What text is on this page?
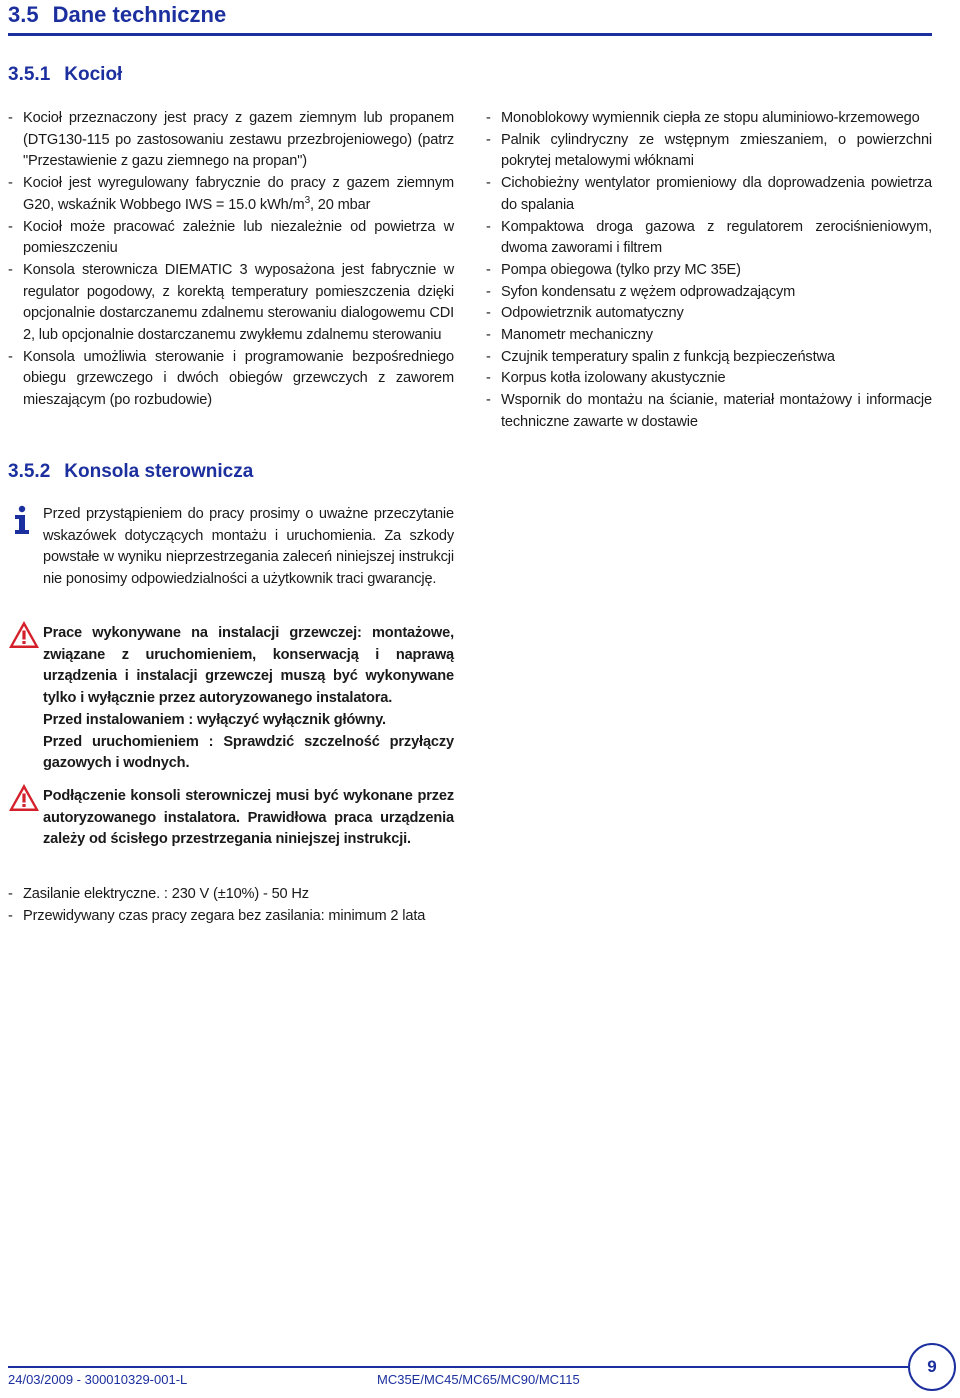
3.5 Dane techniczne
3.5.1 Kocioł
- Kocioł przeznaczony jest pracy z gazem ziemnym lub propanem (DTG130-115 po zastosowaniu zestawu przezbrojeniowego) (patrz "Przestawienie z gazu ziemnego na propan")
- Kocioł jest wyregulowany fabrycznie do pracy z gazem ziemnym G20, wskaźnik Wobbego IWS = 15.0 kWh/$m^3$, 20 mbar
- Kocioł może pracować zależnie lub niezależnie od powietrza w pomieszczeniu
- Konsola sterownicza DIEMATIC 3 wyposażona jest fabrycznie w regulator pogodowy, z korektą temperatury pomieszczenia dzięki opcjonalnie dostarczanemu zdalnemu sterowaniu dialogowemu CDI 2, lub opcjonalnie dostarczanemu zwykłemu zdalnemu sterowaniu
- Konsola umożliwia sterowanie i programowanie bezpośredniego obiegu grzewczego i dwóch obiegów grzewczych z zaworem mieszającym (po rozbudowie)
- Monoblokowy wymiennik ciepła ze stopu aluminiowo-krzemowego
- Palnik cylindryczny ze wstępnym zmieszaniem, o powierzchni pokrytej metalowymi włóknami
- Cichobieżny wentylator promieniowy dla doprowadzenia powietrza do spalania
- Kompaktowa droga gazowa z regulatorem zerociśnieniowym, dwoma zaworami i filtrem
- Pompa obiegowa (tylko przy MC 35E)
- Syfon kondensatu z wężem odprowadzającym
- Odpowietrznik automatyczny
- Manometr mechaniczny
- Czujnik temperatury spalin z funkcją bezpieczeństwa
- Korpus kotła izolowany akustycznie
- Wspornik do montażu na ścianie, materiał montażowy i informacje techniczne zawarte w dostawie
3.5.2 Konsola sterownicza
Przed przystąpieniem do pracy prosimy o uważne przeczytanie wskazówek dotyczących montażu i uruchomienia. Za szkody powstałe w wyniku nieprzestrzegania zaleceń niniejszej instrukcji nie ponosimy odpowiedzialności a użytkownik traci gwarancję.
Prace wykonywane na instalacji grzewczej: montażowe, związane z uruchomieniem, konserwacją i naprawą urządzenia i instalacji grzewczej muszą być wykonywane tylko i wyłącznie przez autoryzowanego instalatora.
Przed instalowaniem : wyłączyć wyłącznik główny.
Przed uruchomieniem : Sprawdzić szczelność przyłączy gazowych i wodnych.
Podłączenie konsoli sterowniczej musi być wykonane przez autoryzowanego instalatora. Prawidłowa praca urządzenia zależy od ścisłego przestrzegania niniejszej instrukcji.
- Zasilanie elektryczne. : 230 V (±10%) - 50 Hz
- Przewidywany czas pracy zegara bez zasilania: minimum 2 lata
24/03/2009 - 300010329-001-L	MC35E/MC45/MC65/MC90/MC115
9
